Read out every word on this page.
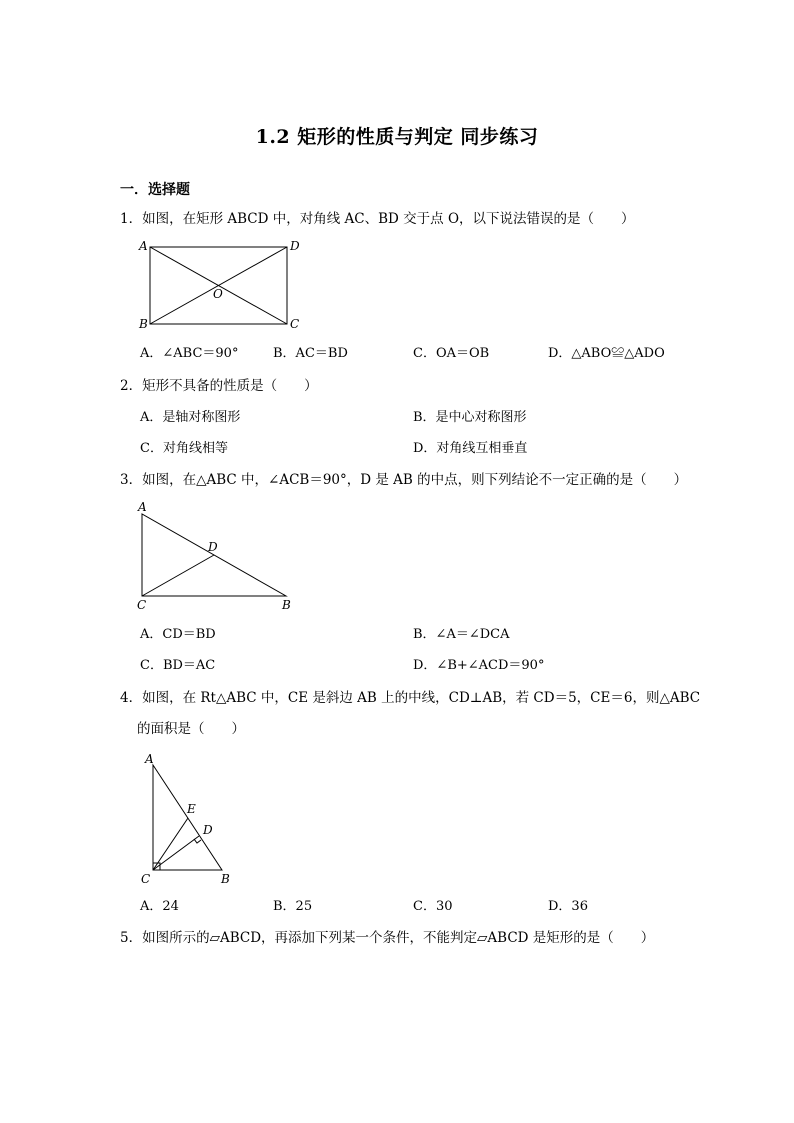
1.2 矩形的性质与判定 同步练习
一．选择题
1．如图，在矩形 ABCD 中，对角线 AC、BD 交于点 O，以下说法错误的是（　　）
A	D
B	C
O
A．∠ABC＝90°	B．AC＝BD	C．OA＝OB	D．△ABO≌△ADO
2．矩形不具备的性质是（　　）
A．是轴对称图形	B．是中心对称图形
C．对角线相等	D．对角线互相垂直
3．如图，在△ABC 中，∠ACB＝90°，D 是 AB 的中点，则下列结论不一定正确的是（　　）
A
D
C	B
A．CD＝BD	B．∠A＝∠DCA
C．BD＝AC	D．∠B+∠ACD＝90°
4．如图，在 Rt△ABC 中，CE 是斜边 AB 上的中线，CD⊥AB，若 CD＝5，CE＝6，则△ABC
的面积是（　　）
A
E
D
C	B
A．24	B．25	C．30	D．36
5．如图所示的▱ABCD，再添加下列某一个条件，不能判定▱ABCD 是矩形的是（　　）
